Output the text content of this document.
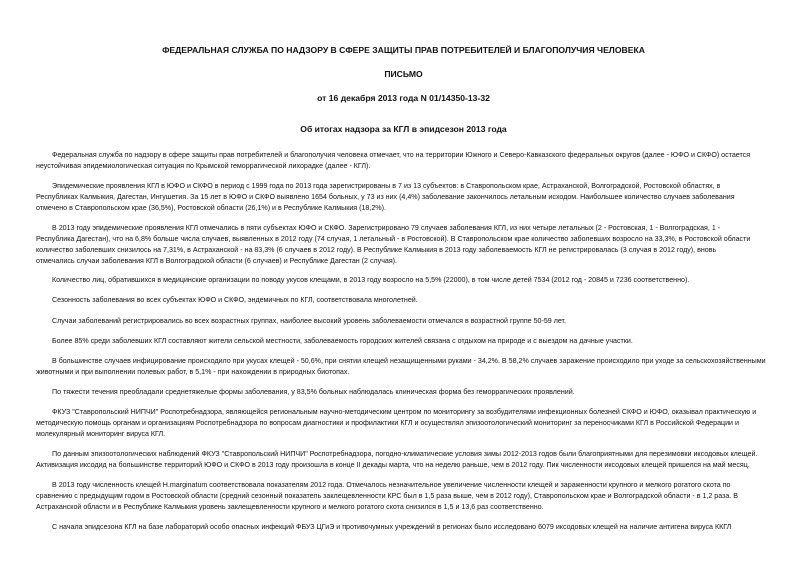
ФЕДЕРАЛЬНАЯ СЛУЖБА ПО НАДЗОРУ В СФЕРЕ ЗАЩИТЫ ПРАВ ПОТРЕБИТЕЛЕЙ И БЛАГОПОЛУЧИЯ ЧЕЛОВЕКА
ПИСЬМО
от 16 декабря 2013 года N 01/14350-13-32
Об итогах надзора за КГЛ в эпидсезон 2013 года
Федеральная служба по надзору в сфере защиты прав потребителей и благополучия человека отмечает, что на территории Южного и Северо-Кавказского федеральных округов (далее - ЮФО и СКФО) остается
неустойчивая эпидемиологическая ситуация по Крымской геморрагической лихорадке (далее - КГЛ).
Эпидемические проявления КГЛ в ЮФО и СКФО в период с 1999 года по 2013 года зарегистрированы в 7 из 13 субъектов: в Ставропольском крае, Астраханской, Волгоградской, Ростовской областях, в
Республиках Калмыкия, Дагестан, Ингушетия. За 15 лет в ЮФО и СКФО выявлено 1654 больных, у 73 из них (4,4%) заболевание закончилось летальным исходом. Наибольшее количество случаев заболевания
отмечено в Ставропольском крае (36,5%), Ростовской области (26,1%) и в Республике Калмыкия (18,2%).
В 2013 году эпидемические проявления КГЛ отмечались в пяти субъектах ЮФО и СКФО. Зарегистрировано 79 случаев заболевания КГЛ, из них четыре летальных (2 - Ростовская, 1 - Волгоградская, 1 -
Республика Дагестан), что на 6,8% больше числа случаев, выявленных в 2012 году (74 случая, 1 летальный - в Ростовской). В Ставропольском крае количество заболевших возросло на 33,3%, в Ростовской области
количество заболевших снизилось на 7,31%, в Астраханской - на 83,3% (6 случаев в 2012 году). В Республике Калмыкия в 2013 году заболеваемость КГЛ не регистрировалась (3 случая в 2012 году), вновь
отмечались случаи заболевания КГЛ в Волгоградской области (6 случаев) и Республике Дагестан (2 случая).
Количество лиц, обратившихся в медицинские организации по поводу укусов клещами, в 2013 году возросло на 5,5% (22000), в том числе детей 7534 (2012 год - 20845 и 7236 соответственно).
Сезонность заболевания во всех субъектах ЮФО и СКФО, эндемичных по КГЛ, соответствовала многолетней.
Случаи заболеваний регистрировались во всех возрастных группах, наиболее высокий уровень заболеваемости отмечался в возрастной группе 50-59 лет.
Более 85% среди заболевших КГЛ составляют жители сельской местности, заболеваемость городских жителей связана с отдыхом на природе и с выездом на дачные участки.
В большинстве случаев инфицирование происходило при укусах клещей - 50,6%, при снятии клещей незащищенными руками - 34,2%. В 58,2% случаев заражение происходило при уходе за сельскохозяйственными
животными и при выполнении полевых работ, в 5,1% - при нахождении в природных биотопах.
По тяжести течения преобладали среднетяжелые формы заболевания, у 83,5% больных наблюдалась клиническая форма без геморрагических проявлений.
ФКУЗ "Ставропольский НИПЧИ" Роспотребнадзора, являющейся региональным научно-методическим центром по мониторингу за возбудителями инфекционных болезней СКФО и ЮФО, оказывал практическую и
методическую помощь органам и организациям Роспотребнадзора по вопросам диагностики и профилактики КГЛ и осуществлял эпизоотологический мониторинг за переносчиками КГЛ в Российской Федерации и
молекулярный мониторинг вируса КГЛ.
По данным эпизоотологических наблюдений ФКУЗ "Ставропольский НИПЧИ" Роспотребнадзора, погодно-климатические условия зимы 2012-2013 годов были благоприятными для перезимовки иксодовых клещей.
Активизация иксодид на большинстве территорий ЮФО и СКФО в 2013 году произошла в конце II декады марта, что на неделю раньше, чем в 2012 году. Пик численности иксодовых клещей пришелся на май месяц.
В 2013 году численность клещей H.marginatum соответствовала показателям 2012 года. Отмечалось незначительное увеличение численности клещей и зараженности крупного и мелкого рогатого скота по
сравнению с предыдущим годом в Ростовской области (средний сезонный показатель заклещевленности КРС был в 1,5 раза выше, чем в 2012 году), Ставропольском крае и Волгоградской области - в 1,2 раза. В
Астраханской области и в Республике Калмыкия уровень заклещевленности крупного и мелкого рогатого скота снизился в 1,5 и 13,6 раз соответственно.
С начала эпидсезона КГЛ на базе лабораторий особо опасных инфекций ФБУЗ ЦГиЭ и противочумных учреждений в регионах было исследовано 6079 иксодовых клещей на наличие антигена вируса ККГЛ
